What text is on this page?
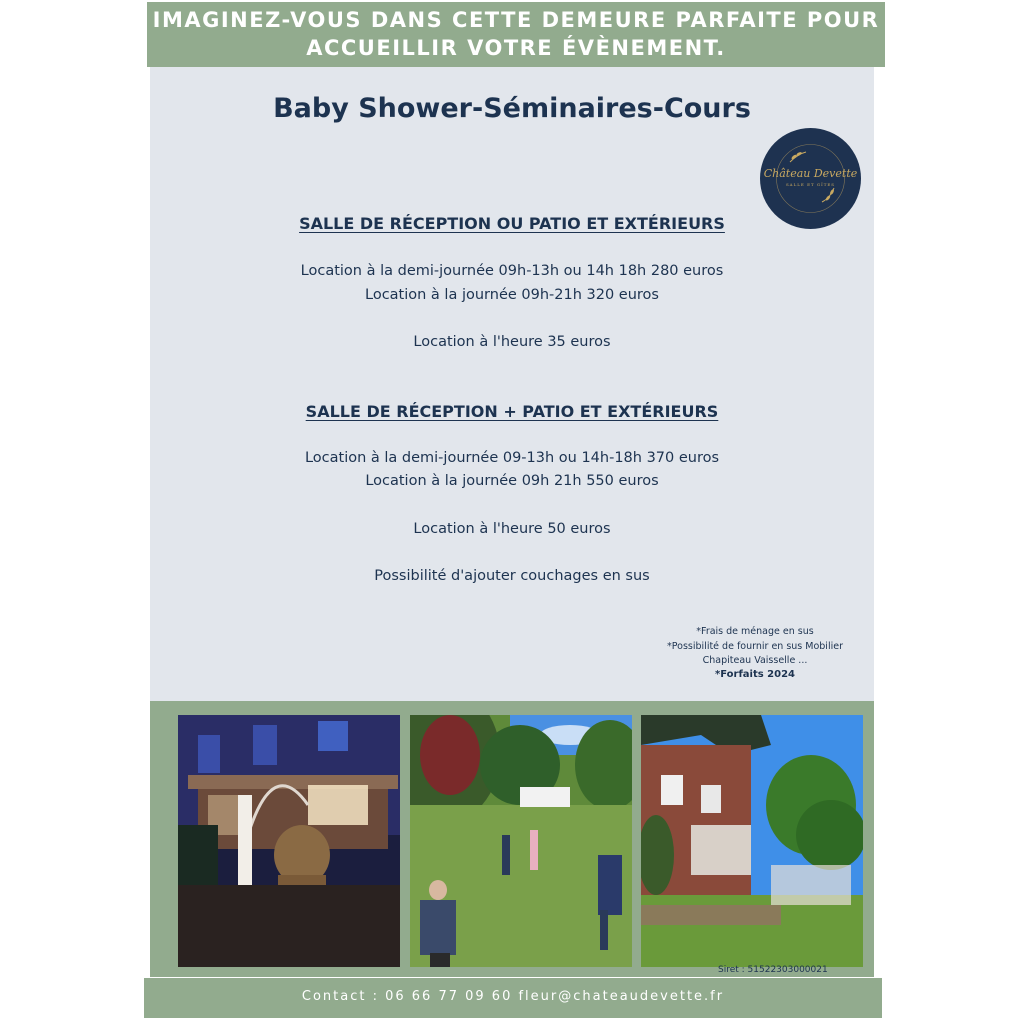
IMAGINEZ-VOUS DANS CETTE DEMEURE PARFAITE POUR
ACCUEILLIR VOTRE ÉVÈNEMENT.
Baby Shower-Séminaires-Cours
Château Devette
SALLE ET GÎTES
SALLE DE RÉCEPTION OU PATIO ET EXTÉRIEURS
Location à la demi-journée 09h-13h ou 14h 18h 280 euros
Location à la journée 09h-21h 320 euros
Location à l'heure 35 euros
SALLE DE RÉCEPTION + PATIO ET EXTÉRIEURS
Location à la demi-journée 09-13h ou 14h-18h 370 euros
Location à la journée 09h 21h 550 euros
Location à l'heure 50 euros
Possibilité d'ajouter couchages en sus
*Frais de ménage en sus
*Possibilité de fournir en sus Mobilier
Chapiteau Vaisselle ...
*Forfaits 2024
Siret : 51522303000021
Contact : 06 66 77 09 60 fleur@chateaudevette.fr
